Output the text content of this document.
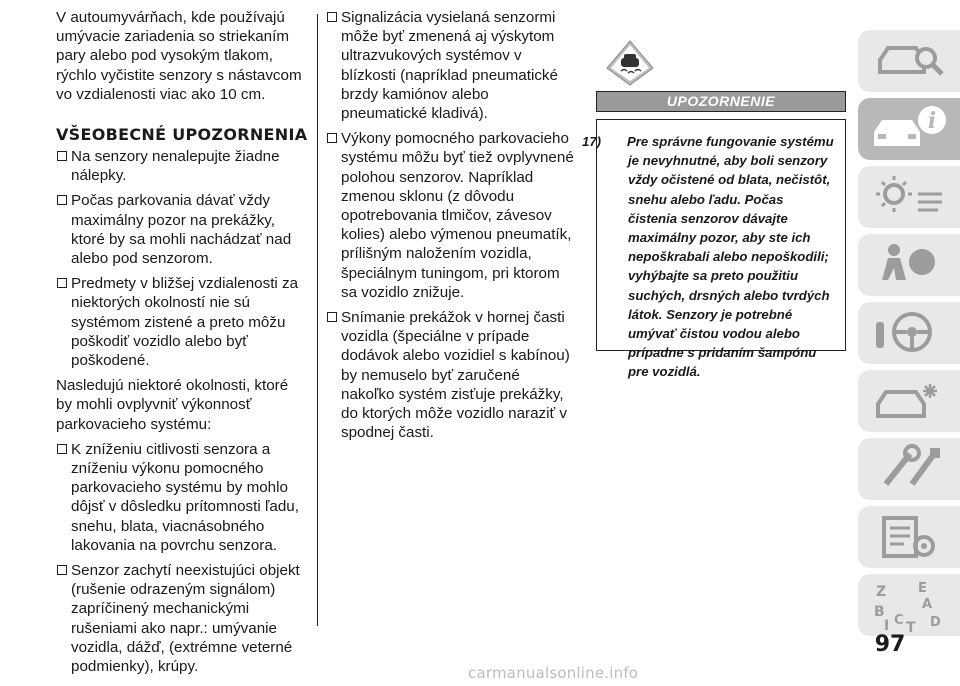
V autoumyvárňach, kde používajú umývacie zariadenia so striekaním pary alebo pod vysokým tlakom, rýchlo vyčistite senzory s nástavcom vo vzdialenosti viac ako 10 cm.

VŠEOBECNÉ UPOZORNENIA

Na senzory nenalepujte žiadne nálepky.

Počas parkovania dávať vždy maximálny pozor na prekážky, ktoré by sa mohli nachádzať nad alebo pod senzorom.

Predmety v bližšej vzdialenosti za niektorých okolností nie sú systémom zistené a preto môžu poškodiť vozidlo alebo byť poškodené.

Nasledujú niektoré okolnosti, ktoré by mohli ovplyvniť výkonnosť parkovacieho systému:

K zníženiu citlivosti senzora a zníženiu výkonu pomocného parkovacieho systému by mohlo dôjsť v dôsledku prítomnosti ľadu, snehu, blata, viacnásobného lakovania na povrchu senzora.

Senzor zachytí neexistujúci objekt (rušenie odrazeným signálom) zapríčinený mechanickými rušeniami ako napr.: umývanie vozidla, dážď, (extrémne veterné podmienky), krúpy.

Signalizácia vysielaná senzormi môže byť zmenená aj výskytom ultrazvukových systémov v blízkosti (napríklad pneumatické brzdy kamiónov alebo pneumatické kladivá).

Výkony pomocného parkovacieho systému môžu byť tiež ovplyvnené polohou senzorov. Napríklad zmenou sklonu (z dôvodu opotrebovania tlmičov, závesov kolies) alebo výmenou pneumatík, prílišným naložením vozidla, špeciálnym tuningom, pri ktorom sa vozidlo znižuje.

Snímanie prekážok v hornej časti vozidla (špeciálne v prípade dodávok alebo vozidiel s kabínou) by nemuselo byť zaručené nakoľko systém zisťuje prekážky, do ktorých môže vozidlo naraziť v spodnej časti.

UPOZORNENIE
17) Pre správne fungovanie systému je nevyhnutné, aby boli senzory vždy očistené od blata, nečistôt, snehu alebo ľadu. Počas čistenia senzorov dávajte maximálny pozor, aby ste ich nepoškrabali alebo nepoškodili; vyhýbajte sa preto použitiu suchých, drsných alebo tvrdých látok. Senzory je potrebné umývať čistou vodou alebo prípadne s pridaním šampónu pre vozidlá.
i
Z E
A
B
I C T D
97
carmanualsonline.info
